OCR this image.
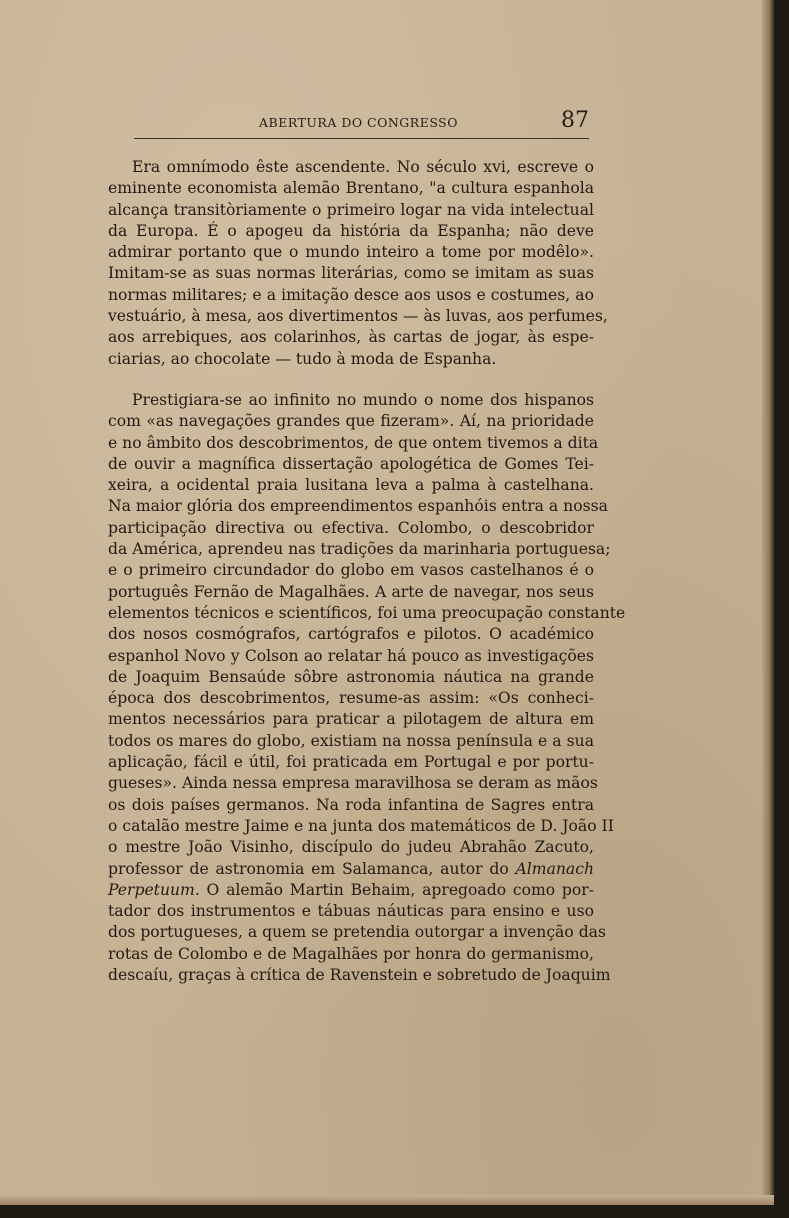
ABERTURA DO CONGRESSO	87

Era omnímodo êste ascendente. No século xvi, escreve o
eminente economista alemão Brentano, "a cultura espanhola
alcança transitòriamente o primeiro logar na vida intelectual
da Europa. É o apogeu da história da Espanha; não deve
admirar portanto que o mundo inteiro a tome por modêlo».
Imitam-se as suas normas literárias, como se imitam as suas
normas militares; e a imitação desce aos usos e costumes, ao
vestuário, à mesa, aos divertimentos — às luvas, aos perfumes,
aos arrebiques, aos colarinhos, às cartas de jogar, às espe-
ciarias, ao chocolate — tudo à moda de Espanha.

Prestigiara-se ao infinito no mundo o nome dos hispanos
com «as navegações grandes que fizeram». Aí, na prioridade
e no âmbito dos descobrimentos, de que ontem tivemos a dita
de ouvir a magnífica dissertação apologética de Gomes Tei-
xeira, a ocidental praia lusitana leva a palma à castelhana.
Na maior glória dos empreendimentos espanhóis entra a nossa
participação directiva ou efectiva. Colombo, o descobridor
da América, aprendeu nas tradições da marinharia portuguesa;
e o primeiro circundador do globo em vasos castelhanos é o
português Fernão de Magalhães. A arte de navegar, nos seus
elementos técnicos e scientíficos, foi uma preocupação constante
dos nosos cosmógrafos, cartógrafos e pilotos. O académico
espanhol Novo y Colson ao relatar há pouco as investigações
de Joaquim Bensaúde sôbre astronomia náutica na grande
época dos descobrimentos, resume-as assim: «Os conheci-
mentos necessários para praticar a pilotagem de altura em
todos os mares do globo, existiam na nossa península e a sua
aplicação, fácil e útil, foi praticada em Portugal e por portu-
gueses». Ainda nessa empresa maravilhosa se deram as mãos
os dois países germanos. Na roda infantina de Sagres entra
o catalão mestre Jaime e na junta dos matemáticos de D. João II
o mestre João Visinho, discípulo do judeu Abrahão Zacuto,
professor de astronomia em Salamanca, autor do Almanach
Perpetuum. O alemão Martin Behaim, apregoado como por-
tador dos instrumentos e tábuas náuticas para ensino e uso
dos portugueses, a quem se pretendia outorgar a invenção das
rotas de Colombo e de Magalhães por honra do germanismo,
descaíu, graças à crítica de Ravenstein e sobretudo de Joaquim
